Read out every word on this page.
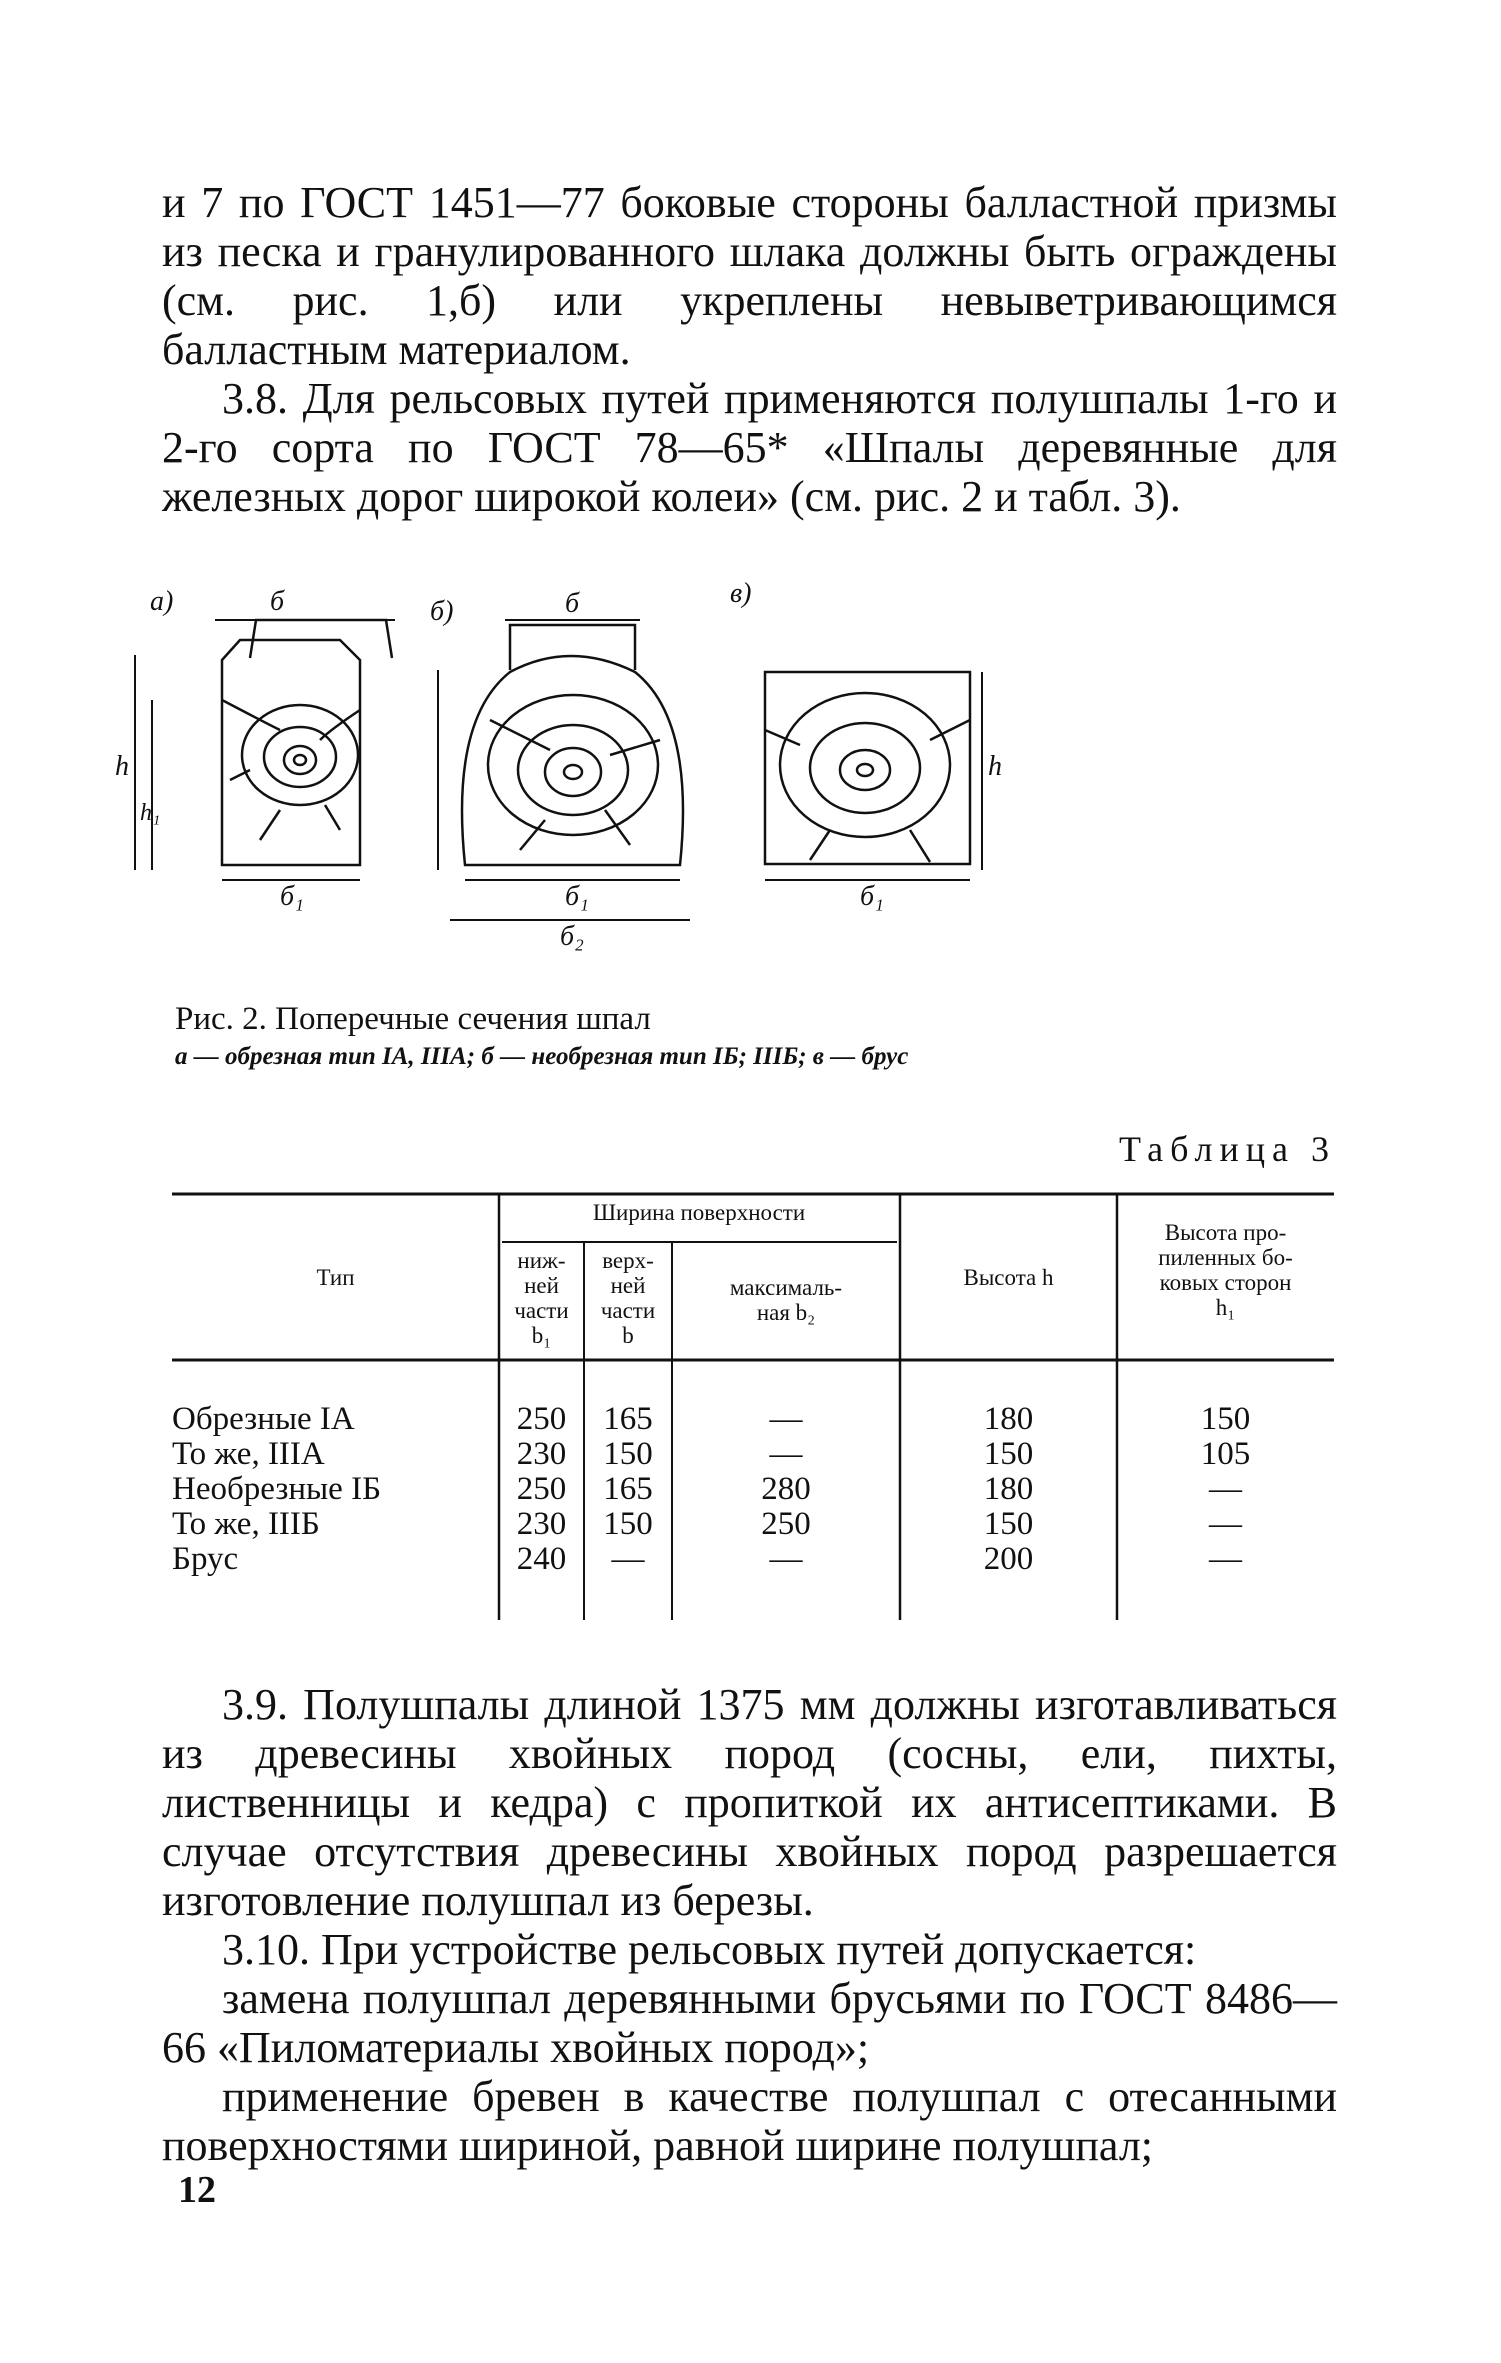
и 7 по ГОСТ 1451—77 боковые стороны балластной призмы из песка и гранулированного шлака должны быть ограждены (см. рис. 1,б) или укреплены невыветривающимся балластным материалом.

3.8. Для рельсовых путей применяются полушпалы 1-го и 2-го сорта по ГОСТ 78—65* «Шпалы деревянные для железных дорог широкой колеи» (см. рис. 2 и табл. 3).

а)	б)
в)
б	б
h
h₁
h
б₁	б₁
б₂
б₁
Рис. 2. Поперечные сечения шпал
а — обрезная тип IА, IIIА; б — необрезная тип IБ; IIIБ; в — брус
Таблица 3
Тип
Ширина поверхности
ниж-
ней
части
b₁
верх-
ней
части
b
максималь-
ная b₂
Высота h
Высота про-
пиленных бо-
ковых сторон
h₁
Обрезные IА	250	165	—	180	150
То же, IIIА	230	150	—	150	105
Необрезные IБ	250	165	280	180	—
То же, IIIБ	230	150	250	150	—
Брус	240	—	—	200	—

3.9. Полушпалы длиной 1375 мм должны изготавливаться из древесины хвойных пород (сосны, ели, пихты, лиственницы и кедра) с пропиткой их антисептиками. В случае отсутствия древесины хвойных пород разрешается изготовление полушпал из березы.

3.10. При устройстве рельсовых путей допускается:

замена полушпал деревянными брусьями по ГОСТ 8486—66 «Пиломатериалы хвойных пород»;

применение бревен в качестве полушпал с отесанными поверхностями шириной, равной ширине полушпал;

12
